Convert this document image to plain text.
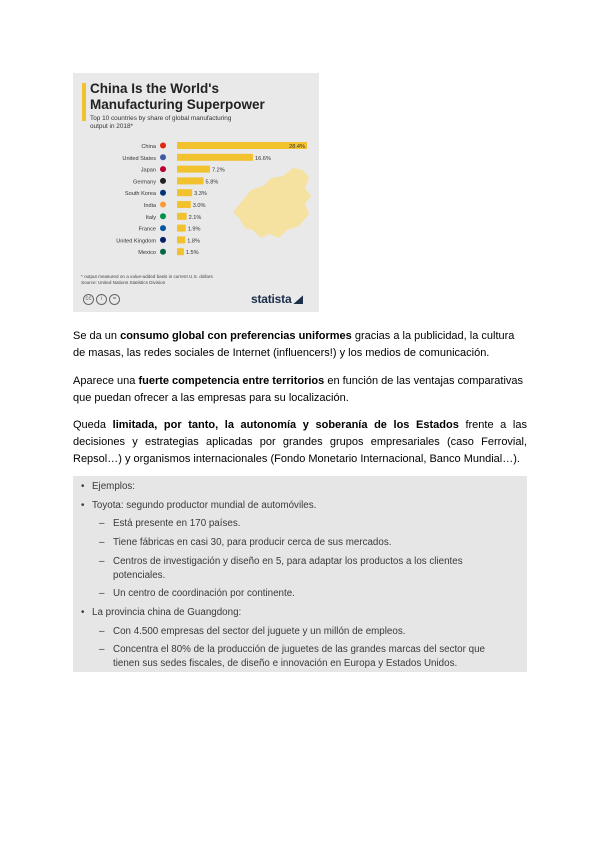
China Is the World's
Manufacturing Superpower
Top 10 countries by share of global manufacturing
output in 2018*
China	28.4%
United States	16.6%
Japan	7.2%
Germany	5.8%
South Korea	3.3%
India	3.0%
Italy	2.1%
France	1.9%
United Kingdom	1.8%
Mexico	1.5%
* output measured on a value-added basis in current U.S. dollars
Source: United Nations Statistics Division
cc i =	statista

Se da un consumo global con preferencias uniformes gracias a la publicidad, la cultura de masas, las redes sociales de Internet (influencers!) y los medios de comunicación.

Aparece una fuerte competencia entre territorios en función de las ventajas comparativas que puedan ofrecer a las empresas para su localización.

Queda limitada, por tanto, la autonomía y soberanía de los Estados frente a las decisiones y estrategias aplicadas por grandes grupos empresariales (caso Ferrovial, Repsol…) y organismos internacionales (Fondo Monetario Internacional, Banco Mundial…).

• Ejemplos:
• Toyota: segundo productor mundial de automóviles.
– Está presente en 170 países.
– Tiene fábricas en casi 30, para producir cerca de sus mercados.
– Centros de investigación y diseño en 5, para adaptar los productos a los clientes
potenciales.
– Un centro de coordinación por continente.
• La provincia china de Guangdong:
– Con 4.500 empresas del sector del juguete y un millón de empleos.
– Concentra el 80% de la producción de juguetes de las grandes marcas del sector que
tienen sus sedes fiscales, de diseño e innovación en Europa y Estados Unidos.
